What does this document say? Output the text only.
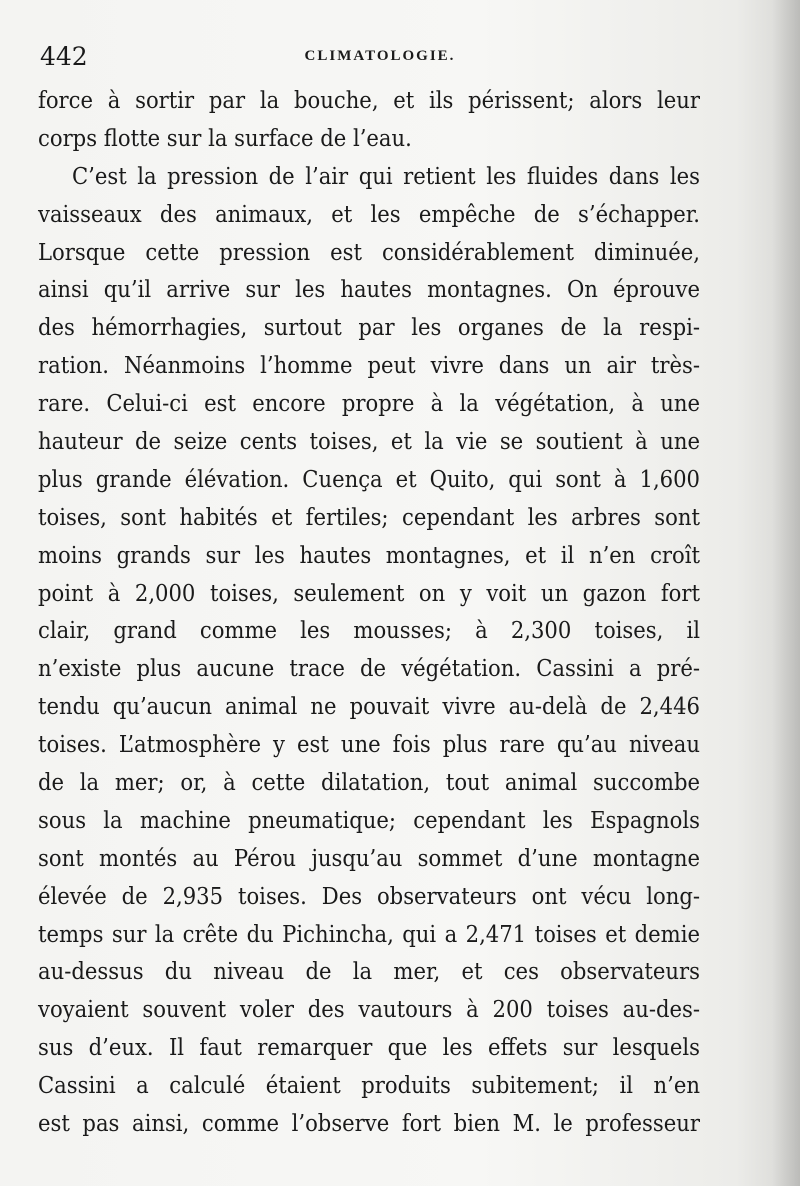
442	CLIMATOLOGIE.
force à sortir par la bouche, et ils périssent; alors leur
corps flotte sur la surface de l’eau.
C’est la pression de l’air qui retient les fluides dans les
vaisseaux des animaux, et les empêche de s’échapper.
Lorsque cette pression est considérablement diminuée,
ainsi qu’il arrive sur les hautes montagnes. On éprouve
des hémorrhagies, surtout par les organes de la respi-
ration. Néanmoins l’homme peut vivre dans un air très-
rare. Celui-ci est encore propre à la végétation, à une
hauteur de seize cents toises, et la vie se soutient à une
plus grande élévation. Cuença et Quito, qui sont à 1,600
toises, sont habités et fertiles; cependant les arbres sont
moins grands sur les hautes montagnes, et il n’en croît
point à 2,000 toises, seulement on y voit un gazon fort
clair, grand comme les mousses; à 2,300 toises, il
n’existe plus aucune trace de végétation. Cassini a pré-
tendu qu’aucun animal ne pouvait vivre au-delà de 2,446
toises. L’atmosphère y est une fois plus rare qu’au niveau
de la mer; or, à cette dilatation, tout animal succombe
sous la machine pneumatique; cependant les Espagnols
sont montés au Pérou jusqu’au sommet d’une montagne
élevée de 2,935 toises. Des observateurs ont vécu long-
temps sur la crête du Pichincha, qui a 2,471 toises et demie
au-dessus du niveau de la mer, et ces observateurs
voyaient souvent voler des vautours à 200 toises au-des-
sus d’eux. Il faut remarquer que les effets sur lesquels
Cassini a calculé étaient produits subitement; il n’en
est pas ainsi, comme l’observe fort bien M. le professeur
